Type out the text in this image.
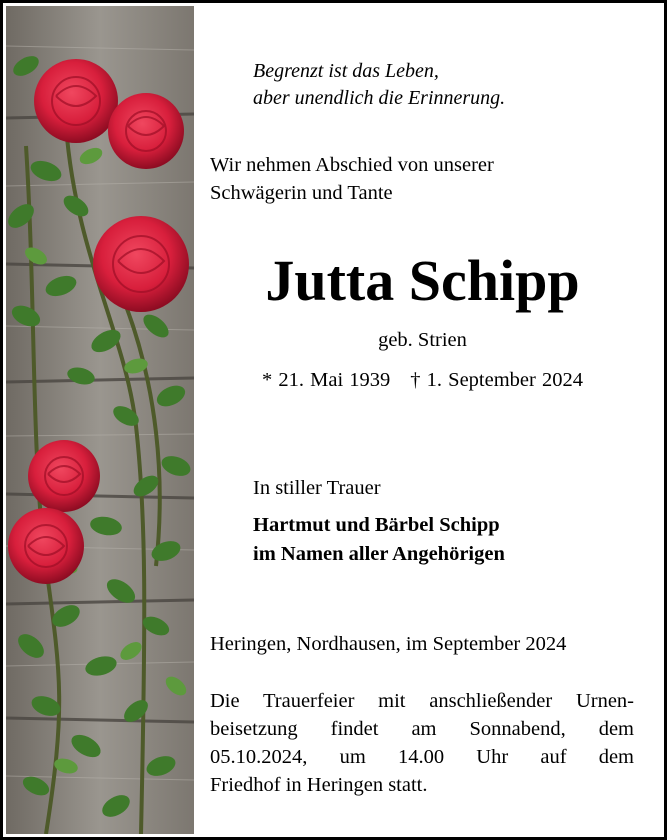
Begrenzt ist das Leben,
aber unendlich die Erinnerung.
Wir nehmen Abschied von unserer
Schwägerin und Tante
Jutta Schipp
geb. Strien
* 21. Mai 1939 † 1. September 2024
In stiller Trauer
Hartmut und Bärbel Schipp
im Namen aller Angehörigen
Heringen, Nordhausen, im September 2024
Die Trauerfeier mit anschließender Urnen-
beisetzung findet am Sonnabend, dem
05.10.2024, um 14.00 Uhr auf dem
Friedhof in Heringen statt.
